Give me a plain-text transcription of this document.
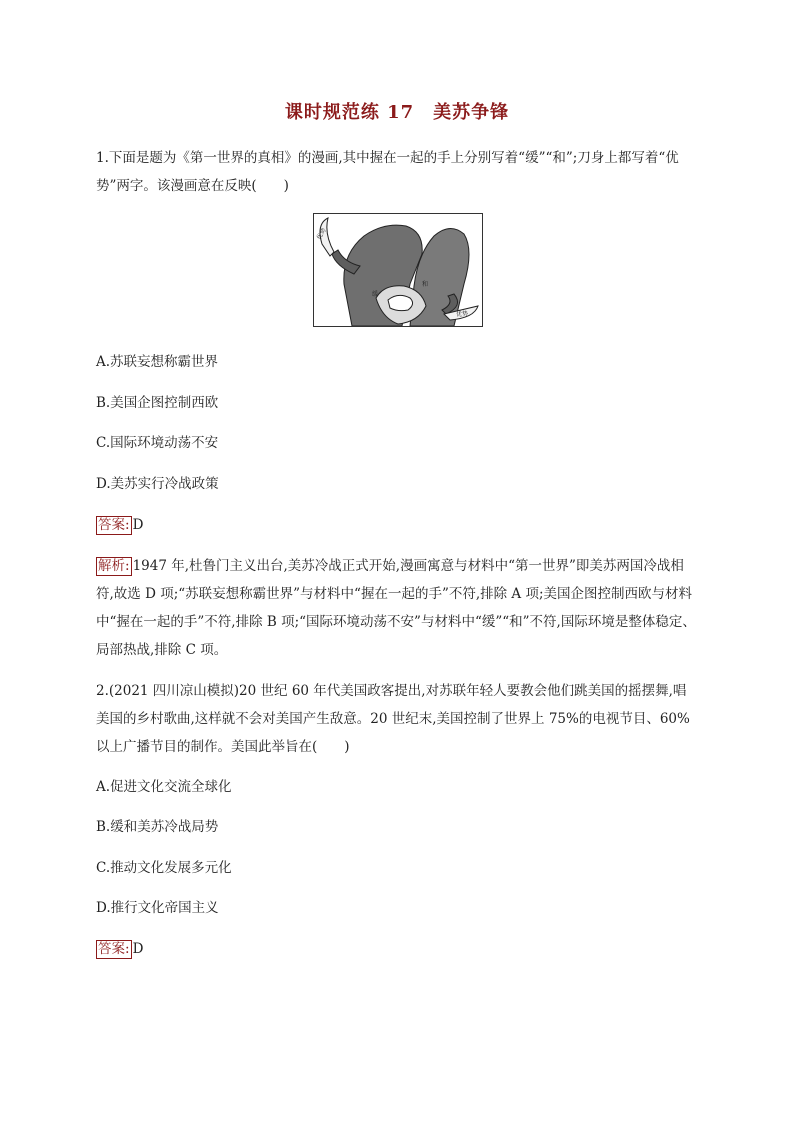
课时规范练 17　美苏争锋
1.下面是题为《第一世界的真相》的漫画,其中握在一起的手上分别写着“缓”“和”;刀身上都写着“优势”两字。该漫画意在反映(　　)
优势
优势
缓
和
A.苏联妄想称霸世界
B.美国企图控制西欧
C.国际环境动荡不安
D.美苏实行冷战政策
答案: D
解析: 1947 年,杜鲁门主义出台,美苏冷战正式开始,漫画寓意与材料中“第一世界”即美苏两国冷战相符,故选 D 项;“苏联妄想称霸世界”与材料中“握在一起的手”不符,排除 A 项;美国企图控制西欧与材料中“握在一起的手”不符,排除 B 项;“国际环境动荡不安”与材料中“缓”“和”不符,国际环境是整体稳定、局部热战,排除 C 项。
2.(2021 四川凉山模拟)20 世纪 60 年代美国政客提出,对苏联年轻人要教会他们跳美国的摇摆舞,唱美国的乡村歌曲,这样就不会对美国产生敌意。20 世纪末,美国控制了世界上 75%的电视节目、60%以上广播节目的制作。美国此举旨在(　　)
A.促进文化交流全球化
B.缓和美苏冷战局势
C.推动文化发展多元化
D.推行文化帝国主义
答案: D
